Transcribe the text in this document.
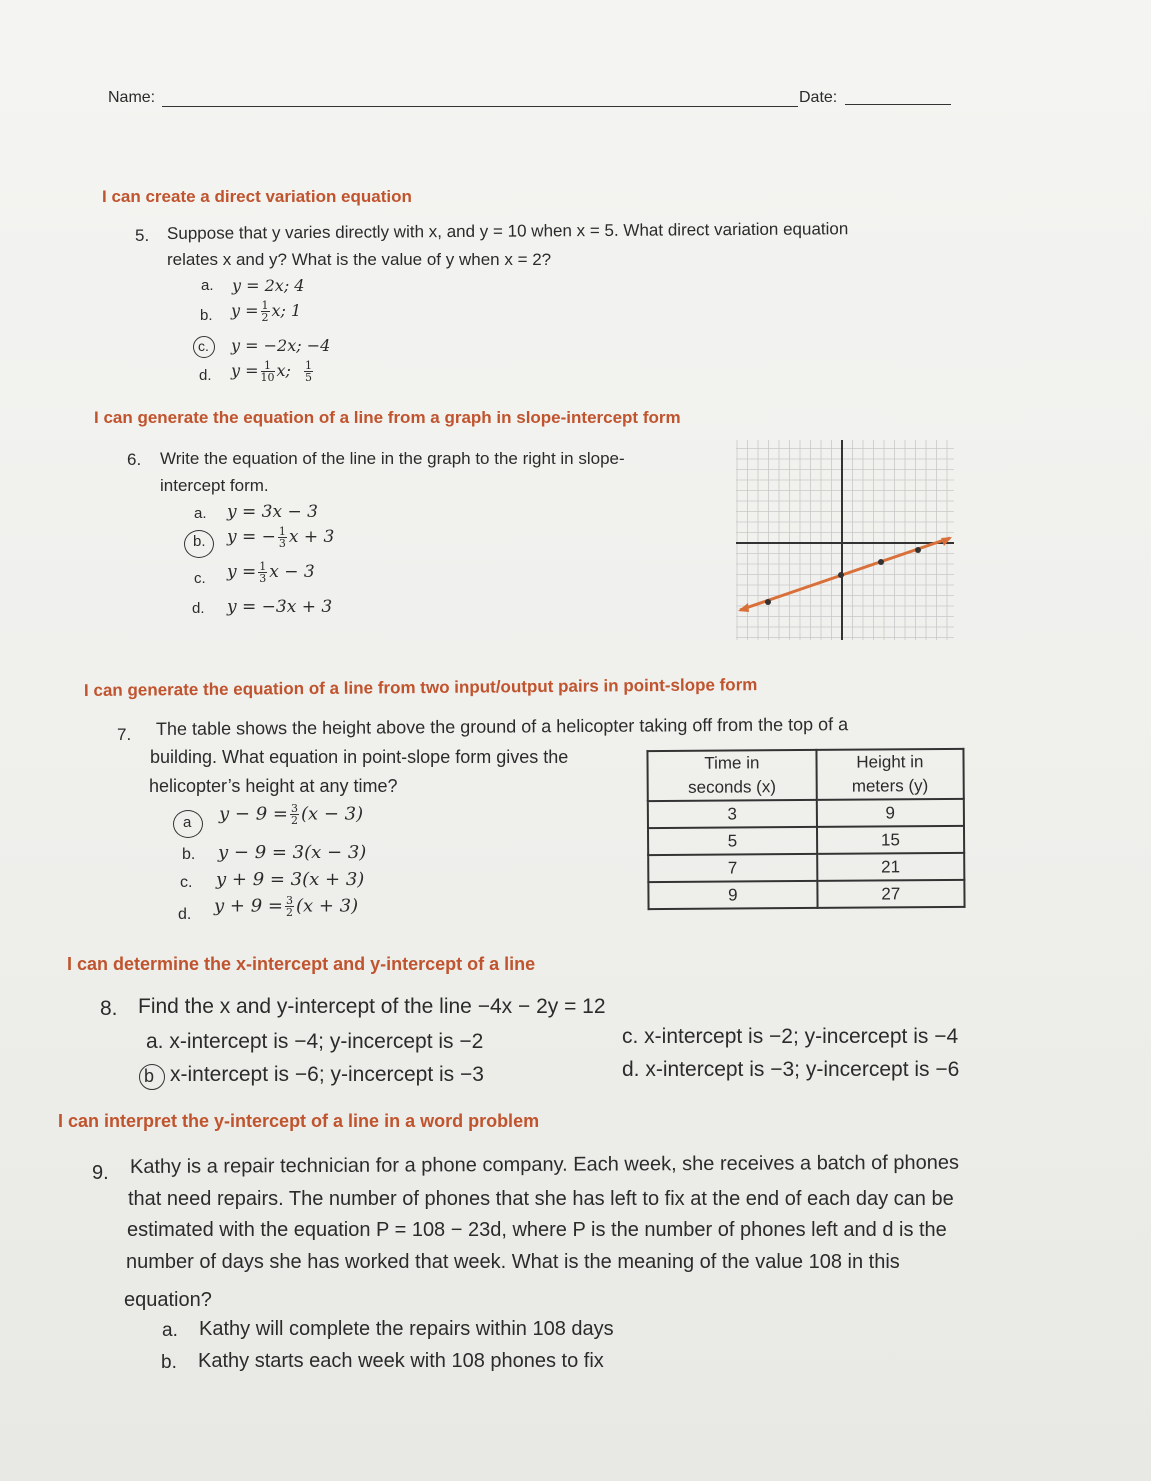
Name:	Date:
I can create a direct variation equation
5. Suppose that y varies directly with x, and y = 10 when x = 5. What direct variation equation
relates x and y? What is the value of y when x = 2?
a. y = 2x; 4
b. $y = \frac{1}{2} x$; 1
c. y = −2x; −4
d. $y = \frac{1}{10} x$; $\frac{1}{5}$
I can generate the equation of a line from a graph in slope-intercept form
6. Write the equation of the line in the graph to the right in slope-
intercept form.
a. y = 3x − 3
b. y = − $\frac{1}{3}$ x + 3
c. $y = \frac{1}{3}$ x − 3
d. y = −3x + 3
I can generate the equation of a line from two input/output pairs in point-slope form
7. The table shows the height above the ground of a helicopter taking off from the top of a
building. What equation in point-slope form gives the
helicopter’s height at any time?
a $y - 9 = \frac{3}{2} (x - 3)$
b. y − 9 = 3(x − 3)
c. y + 9 = 3(x + 3)
d. $y + 9 = \frac{3}{2} (x + 3)$
Time in
seconds (x)	Height in
meters (y)
3	9
5	15
7	21
9	27
I can determine the x-intercept and y-intercept of a line
8. Find the x and y-intercept of the line −4x − 2y = 12
a. x-intercept is −4; y-incercept is −2
b x-intercept is −6; y-incercept is −3
c. x-intercept is −2; y-incercept is −4
d. x-intercept is −3; y-incercept is −6
I can interpret the y-intercept of a line in a word problem
9. Kathy is a repair technician for a phone company. Each week, she receives a batch of phones
that need repairs. The number of phones that she has left to fix at the end of each day can be
estimated with the equation P = 108 − 23d, where P is the number of phones left and d is the
number of days she has worked that week. What is the meaning of the value 108 in this
equation?
a. Kathy will complete the repairs within 108 days
b. Kathy starts each week with 108 phones to fix
